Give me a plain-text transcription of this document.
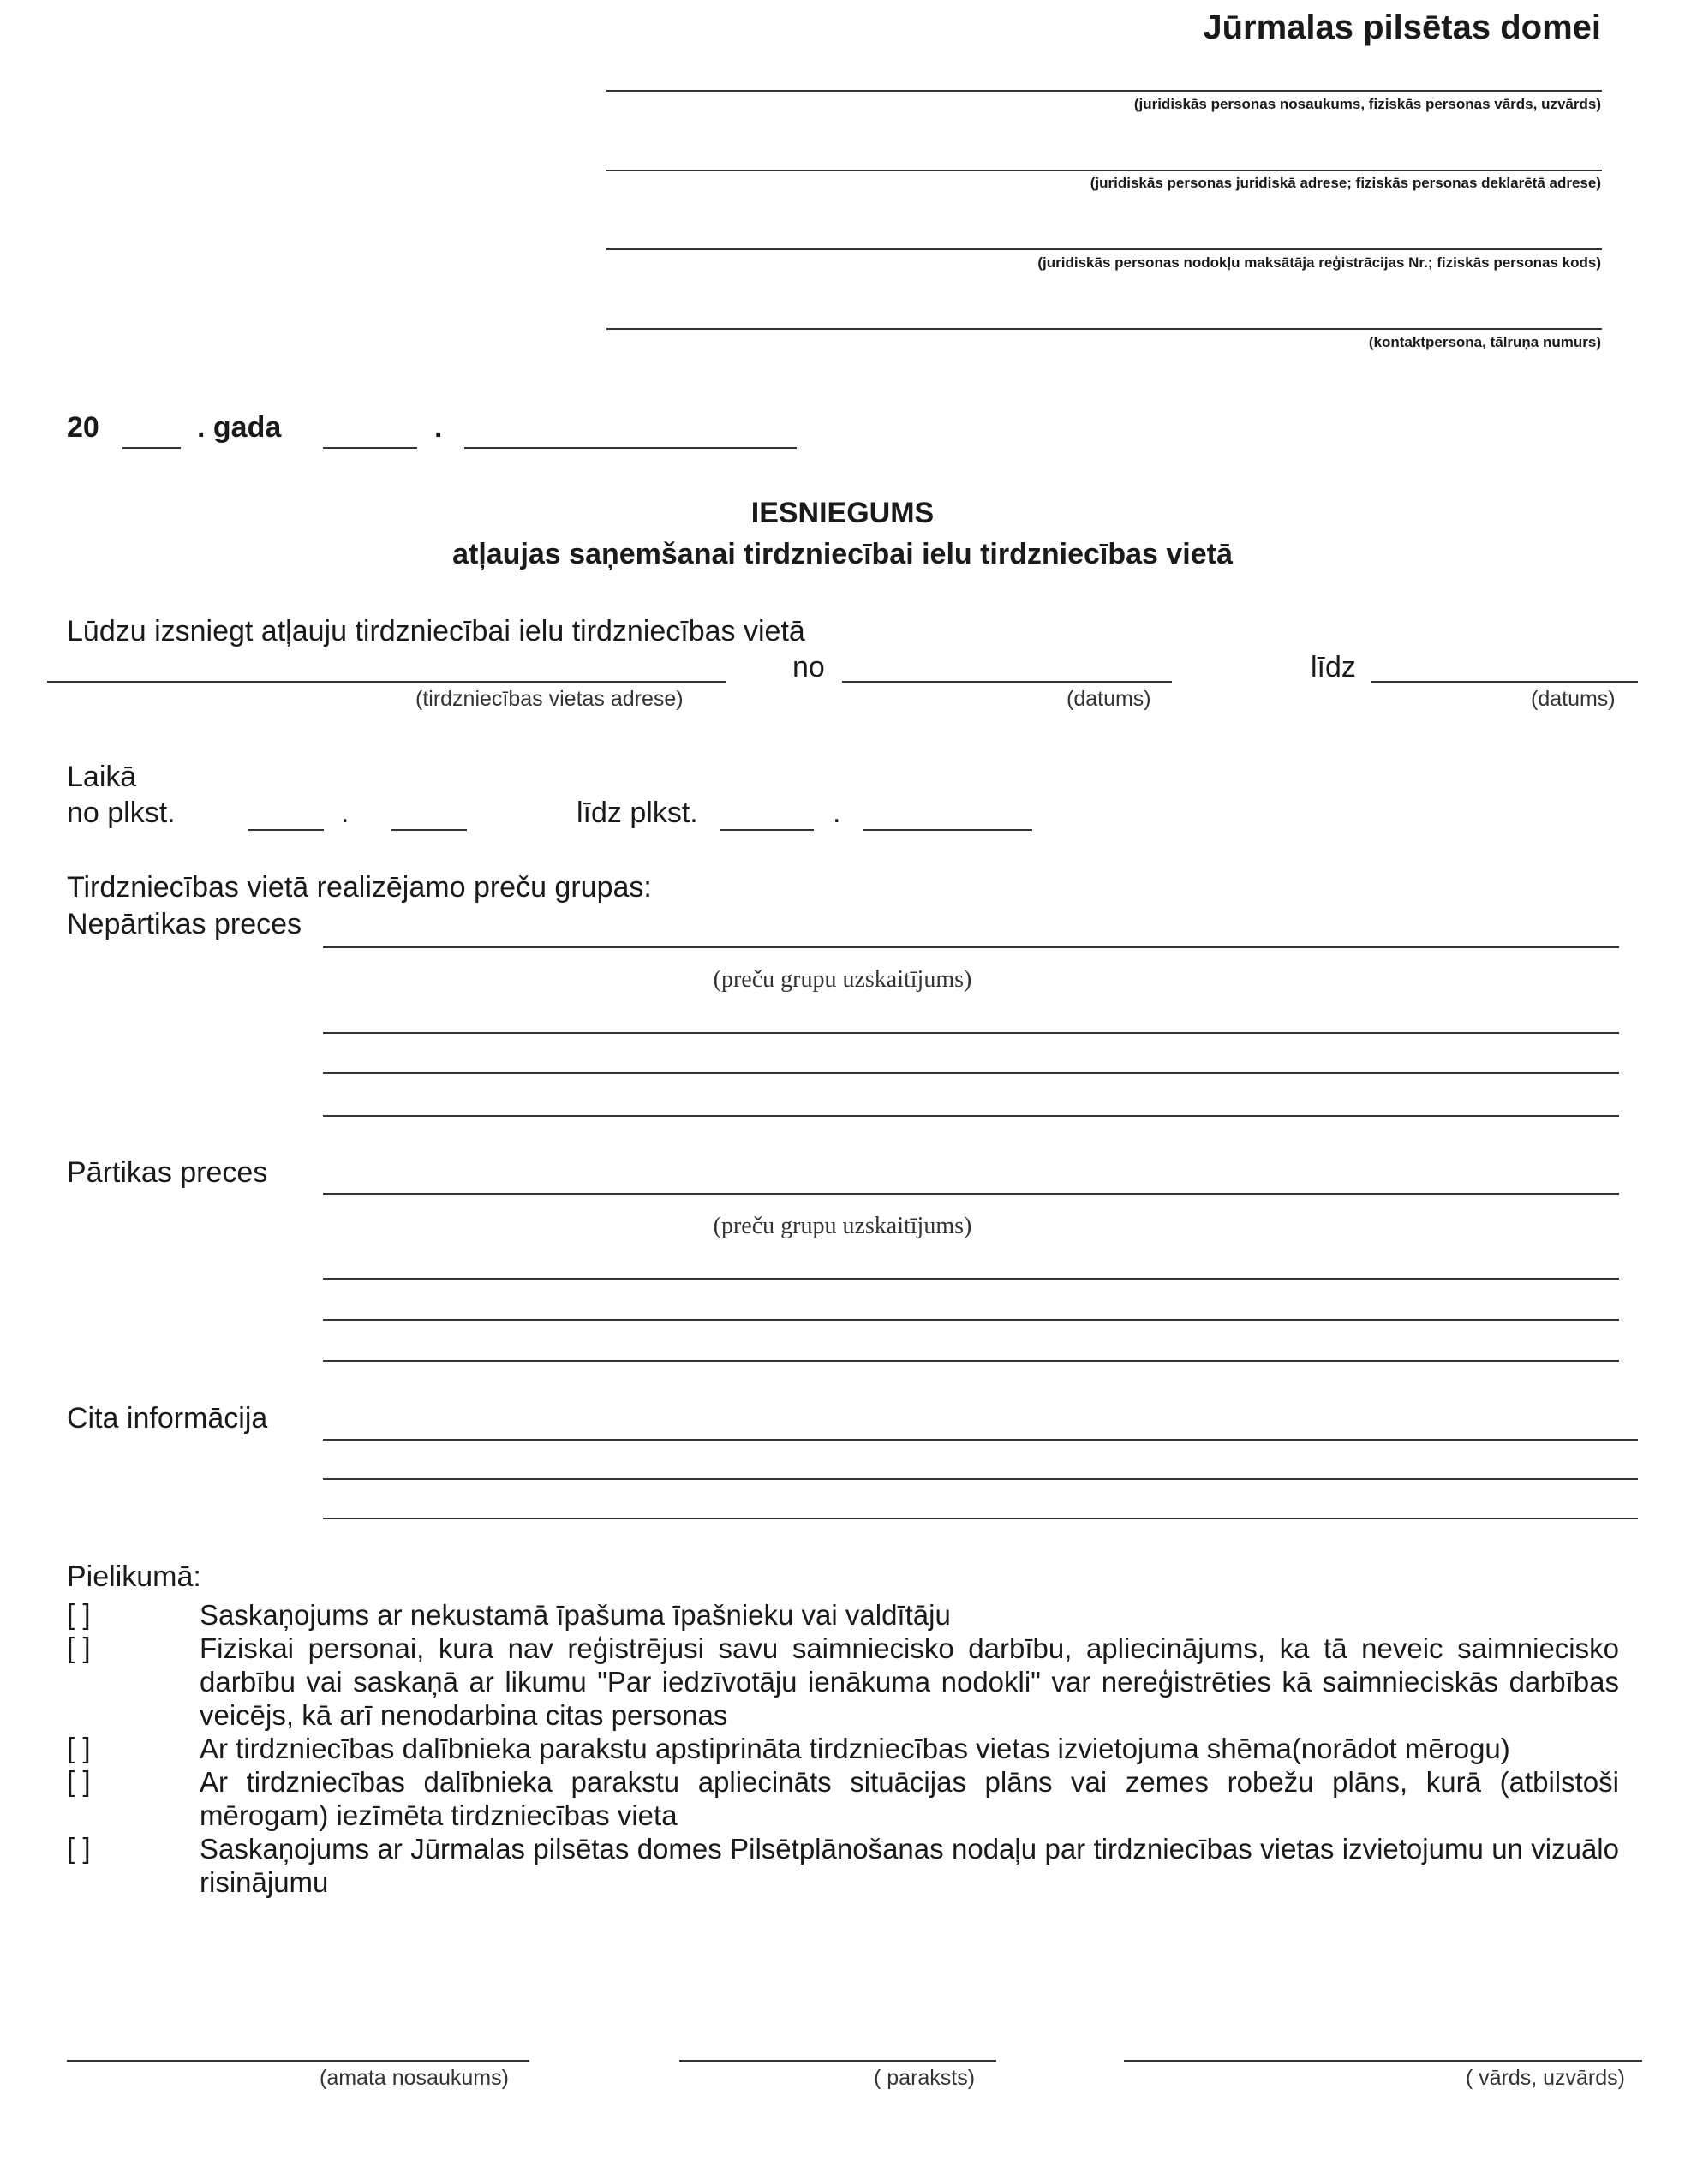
Jūrmalas pilsētas domei
(juridiskās personas nosaukums, fiziskās personas vārds, uzvārds)
(juridiskās personas juridiskā adrese; fiziskās personas deklarētā adrese)
(juridiskās personas nodokļu maksātāja reģistrācijas Nr.; fiziskās personas kods)
(kontaktpersona, tālruņa numurs)
20	. gada	.
IESNIEGUMS
atļaujas saņemšanai tirdzniecībai ielu tirdzniecības vietā
Lūdzu izsniegt atļauju tirdzniecībai ielu tirdzniecības vietā
(tirdzniecības vietas adrese)
no
(datums)
līdz
(datums)
Laikā
no plkst.	.	līdz plkst.	.
Tirdzniecības vietā realizējamo preču grupas:
Nepārtikas preces
(preču grupu uzskaitījums)
Pārtikas preces
(preču grupu uzskaitījums)
Cita informācija
Pielikumā:
[ ]	Saskaņojums ar nekustamā īpašuma īpašnieku vai valdītāju
[ ]	Fiziskai personai, kura nav reģistrējusi savu saimniecisko darbību, apliecinājums, ka tā neveic saimniecisko darbību vai saskaņā ar likumu "Par iedzīvotāju ienākuma nodokli" var nereģistrēties kā saimnieciskās darbības veicējs, kā arī nenodarbina citas personas
[ ]	Ar tirdzniecības dalībnieka parakstu apstiprināta tirdzniecības vietas izvietojuma shēma(norādot mērogu)
[ ]	Ar tirdzniecības dalībnieka parakstu apliecināts situācijas plāns vai zemes robežu plāns, kurā (atbilstoši mērogam) iezīmēta tirdzniecības vieta
[ ]	Saskaņojums ar Jūrmalas pilsētas domes Pilsētplānošanas nodaļu par tirdzniecības vietas izvietojumu un vizuālo risinājumu
(amata nosaukums)	( paraksts)	( vārds, uzvārds)
